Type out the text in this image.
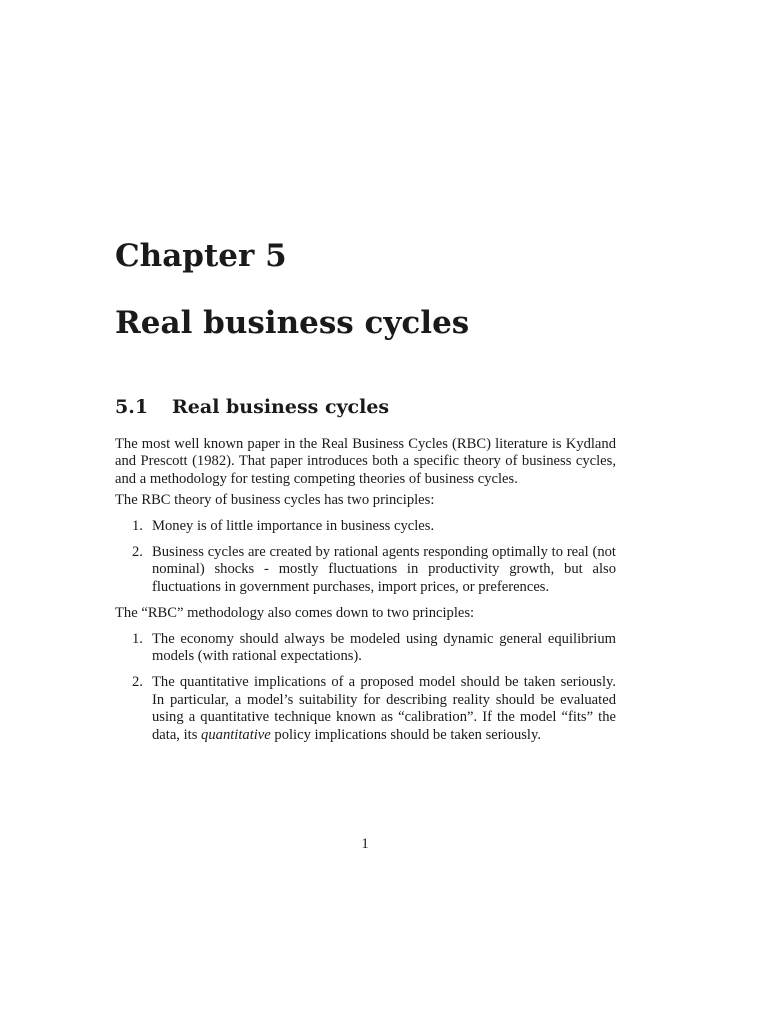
Chapter 5
Real business cycles
5.1 Real business cycles

The most well known paper in the Real Business Cycles (RBC) literature is Kydland and Prescott (1982). That paper introduces both a specific theory of business cycles, and a methodology for testing competing theories of business cycles.

The RBC theory of business cycles has two principles:

1. Money is of little importance in business cycles.
2. Business cycles are created by rational agents responding optimally to real (not nominal) shocks - mostly fluctuations in productivity growth, but also fluctuations in government purchases, import prices, or preferences.

The “RBC” methodology also comes down to two principles:

1. The economy should always be modeled using dynamic general equilibrium models (with rational expectations).
2. The quantitative implications of a proposed model should be taken seriously. In particular, a model’s suitability for describing reality should be evaluated using a quantitative technique known as “calibration”. If the model “fits” the data, its quantitative policy implications should be taken seriously.
1
